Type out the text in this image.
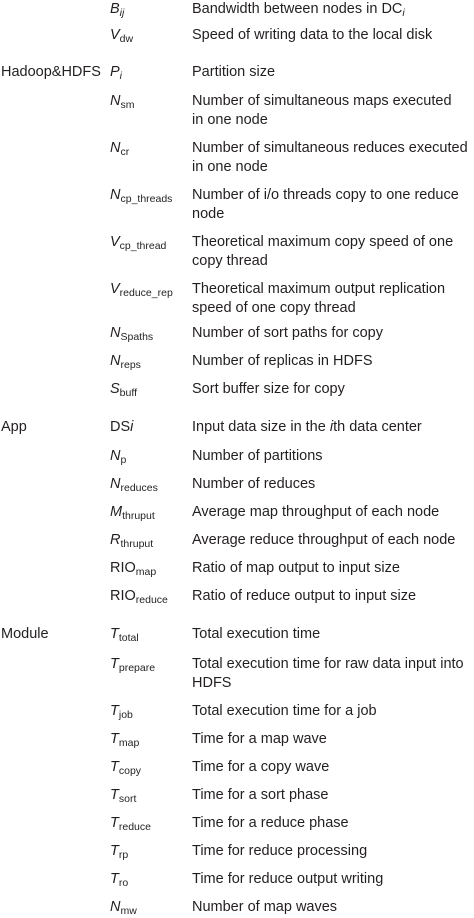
$B_{ij}$	Bandwidth between nodes in $DC_i$
$V_{dw}$	Speed of writing data to the local disk
Hadoop&HDFS $P_i$	Partition size
$N_{sm}$	Number of simultaneous maps executed
in one node
$N_{cr}$	Number of simultaneous reduces executed
in one node
$N_{cp\_threads}$ Number of i/o threads copy to one reduce
node
$V_{cp\_thread}$ Theoretical maximum copy speed of one
copy thread
$V_{reduce\_rep}$ Theoretical maximum output replication
speed of one copy thread
$N_{Spaths}$	Number of sort paths for copy
$N_{reps}$	Number of replicas in HDFS
$S_{buff}$	Sort buffer size for copy
App	DSi	Input data size in the ith data center
$N_p$	Number of partitions
$N_{reduces}$ Number of reduces
$M_{thruput}$	Average map throughput of each node
$R_{thruput}$	Average reduce throughput of each node
$RIO_{map}$ Ratio of map output to input size
$RIO_{reduce}$ Ratio of reduce output to input size
Module	$T_{total}$	Total execution time
$T_{prepare}$	Total execution time for raw data input into
HDFS
$T_{job}$	Total execution time for a job
$T_{map}$	Time for a map wave
$T_{copy}$	Time for a copy wave
$T_{sort}$	Time for a sort phase
$T_{reduce}$	Time for a reduce phase
$T_{rp}$	Time for reduce processing
$T_{ro}$	Time for reduce output writing
$N_{mw}$	Number of map waves
